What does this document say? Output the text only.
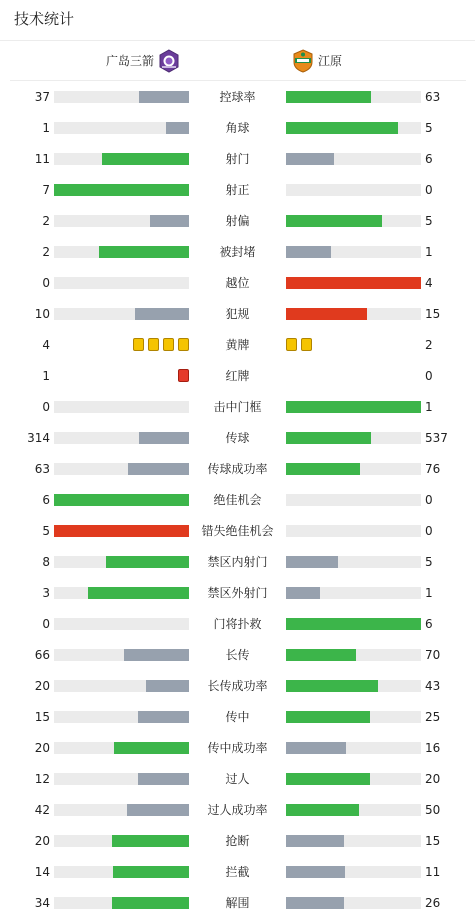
技术统计
广岛三箭	江原
37	控球率	63
1	角球	5
11	射门	6
7	射正	0
2	射偏	5
2	被封堵	1
0	越位	4
10	犯规	15
4	黄牌	2
1	红牌	0
0	击中门框	1
314	传球	537
63	传球成功率	76
6	绝佳机会	0
5	错失绝佳机会	0
8	禁区内射门	5
3	禁区外射门	1
0	门将扑救	6
66	长传	70
20	长传成功率	43
15	传中	25
20	传中成功率	16
12	过人	20
42	过人成功率	50
20	抢断	15
14	拦截	11
34	解围	26
